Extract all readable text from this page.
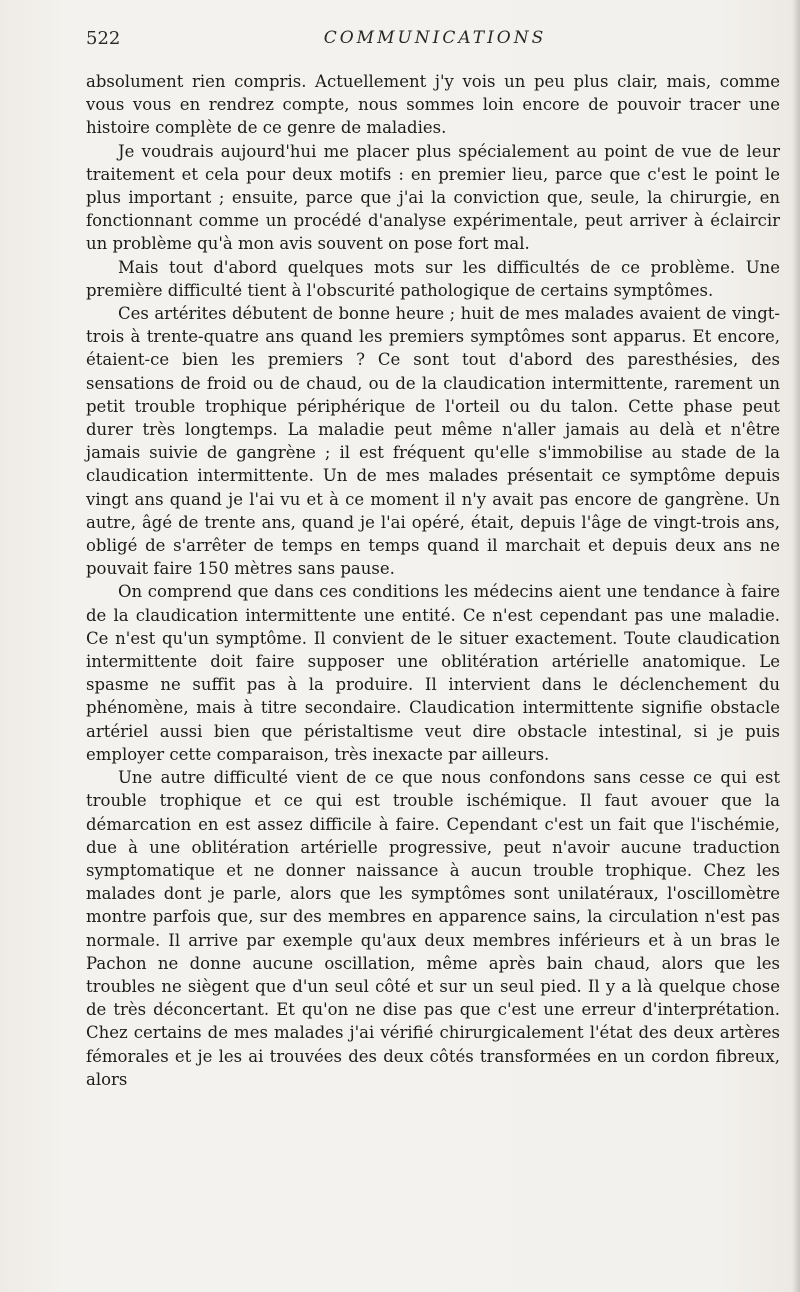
522	COMMUNICATIONS

absolument rien compris. Actuellement j'y vois un peu plus clair, mais, comme vous vous en rendrez compte, nous sommes loin encore de pouvoir tracer une histoire complète de ce genre de maladies.

Je voudrais aujourd'hui me placer plus spécialement au point de vue de leur traitement et cela pour deux motifs : en premier lieu, parce que c'est le point le plus important ; ensuite, parce que j'ai la conviction que, seule, la chirurgie, en fonctionnant comme un procédé d'analyse expérimentale, peut arriver à éclaircir un problème qu'à mon avis souvent on pose fort mal.

Mais tout d'abord quelques mots sur les difficultés de ce problème. Une première difficulté tient à l'obscurité pathologique de certains symptômes.

Ces artérites débutent de bonne heure ; huit de mes malades avaient de vingt-trois à trente-quatre ans quand les premiers symptômes sont apparus. Et encore, étaient-ce bien les premiers ? Ce sont tout d'abord des paresthésies, des sensations de froid ou de chaud, ou de la claudication intermittente, rarement un petit trouble trophique périphérique de l'orteil ou du talon. Cette phase peut durer très longtemps. La maladie peut même n'aller jamais au delà et n'être jamais suivie de gangrène ; il est fréquent qu'elle s'immobilise au stade de la claudication intermittente. Un de mes malades présentait ce symptôme depuis vingt ans quand je l'ai vu et à ce moment il n'y avait pas encore de gangrène. Un autre, âgé de trente ans, quand je l'ai opéré, était, depuis l'âge de vingt-trois ans, obligé de s'arrêter de temps en temps quand il marchait et depuis deux ans ne pouvait faire 150 mètres sans pause.

On comprend que dans ces conditions les médecins aient une tendance à faire de la claudication intermittente une entité. Ce n'est cependant pas une maladie. Ce n'est qu'un symptôme. Il convient de le situer exactement. Toute claudication intermittente doit faire supposer une oblitération artérielle anatomique. Le spasme ne suffit pas à la produire. Il intervient dans le déclenchement du phénomène, mais à titre secondaire. Claudication intermittente signifie obstacle artériel aussi bien que péristaltisme veut dire obstacle intestinal, si je puis employer cette comparaison, très inexacte par ailleurs.

Une autre difficulté vient de ce que nous confondons sans cesse ce qui est trouble trophique et ce qui est trouble ischémique. Il faut avouer que la démarcation en est assez difficile à faire. Cependant c'est un fait que l'ischémie, due à une oblitération artérielle progressive, peut n'avoir aucune traduction symptomatique et ne donner naissance à aucun trouble trophique. Chez les malades dont je parle, alors que les symptômes sont unilatéraux, l'oscillomètre montre parfois que, sur des membres en apparence sains, la circulation n'est pas normale. Il arrive par exemple qu'aux deux membres inférieurs et à un bras le Pachon ne donne aucune oscillation, même après bain chaud, alors que les troubles ne siègent que d'un seul côté et sur un seul pied. Il y a là quelque chose de très déconcertant. Et qu'on ne dise pas que c'est une erreur d'interprétation. Chez certains de mes malades j'ai vérifié chirurgicalement l'état des deux artères fémorales et je les ai trouvées des deux côtés transformées en un cordon fibreux, alors
